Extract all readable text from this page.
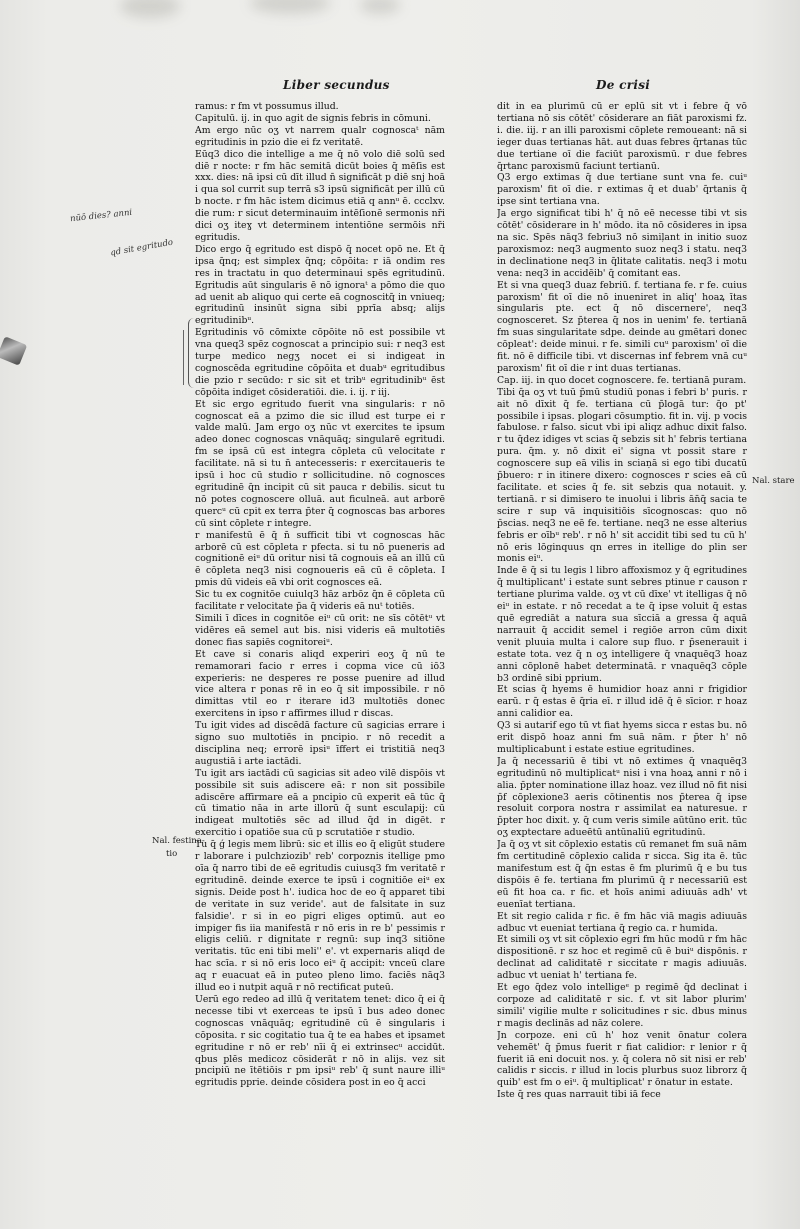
Liber secundus	De crisi
nūō dies? anni
qd sit egritudo
Nal. stare
Nal. festina-
tio

ramus: r fm vt possumus illud.

Capitulū. ij. in quo agit de signis febris in cōmuni.

Am ergo nūc oʒ vt narrem qualr cognoscaᵗ nām egritudinis in pzio die ei fz veritatē.

Eūq3 dico die intellige a me q̄ nō volo diē solū sed diē r nocte: r fm hāc semitā dicūt boies q̄ mēſis est xxx. dies: nā ipsi cū dīt illud n̄ significāt p diē snj hoā i qua sol currit sup terrā s3 ipsū significāt per illū cū b nocte. r fm hāc istem dicimus etiā q annᵘ ē. ccclxv. die rum: r sicut determinauim intēſionē sermonis nr̄i dici oʒ iteɣ vt determinem intentiōne sermōis nr̄i egritudis.

Dico ergo q̄ egritudo est dispō q̄ nocet opō ne. Et q̄ ipsa q̄nq; est simplex q̄nq; cōpōita: r iā ondim res res in tractatu in quo determinaui spēs egritudinū. Egritudis aūt singularis ē nō ignoraᵗ a pōmo die quo ad uenit ab aliquo qui certe eā cognoscitq̄ in vniueq; egritudinū insinūt signa sibi pprīa absq; alijs egritudinibᵘ.

Egritudinis vō cōmixte cōpōite nō est possibile vt vna queq3 spēz cognoscat a principio sui: r neq3 est turpe medico negʒ nocet ei si indigeat in cognoscēda egritudine cōpōita et duabᵘ egritudibus die pzio r secūdo: r sic sit et tribᵘ egritudinibᵘ ēst cōpōita indiget cōsideratiōi. die. i. ij. r iij.

Et sic ergo egritudo fuerit vna singularis: r nō cognoscat eā a pzimo die sic illud est turpe ei r valde malū. Jam ergo oʒ nūc vt exercites te ipsum adeo donec cognoscas vnāquāq; singularē egritudi. fm se ipsā cū est integra cōpleta cū velocitate r facilitate. nā si tu n̄ antecesseris: r exercitaueris te ipsū i hoc cū studio r sollicitudine. nō cognosces egritudinē q̄n incipit cū sit pauca r debilis. sicut tu nō potes cognoscere olluā. aut ficulneā. aut arborē quercᵘ cū cpit ex terra p̄ter q̄ cognoscas bas arbores cū sint cōplete r integre.

r manifestū ē q̄ n̄ sufficit tibi vt cognoscas hāc arborē cū est cōpleta r pfecta. si tu nō pueneris ad cognitionē eiᵘ dū oritur nisi tā cognouis eā an illū cū ē cōpleta neq3 nisi cognoueris eā cū ē cōpleta. I pmis dū videis eā vbi orit cognosces eā.

Sic tu ex cognitōe cuiulq3 hāz arbōz q̄n ē cōpleta cū facilitate r velocitate p̄a q̄ videris eā nuᵗ totiēs.

Simili ī dīces in cognitōe eiᵘ cū orit: ne sīs cōtētᵘ vt vidēres eā semel aut bis. nisi videris eā multotiēs donec fias sapiēs cognitoreiᵘ.

Et cave si conaris aliqd experiri eoʒ q̄ nū te remamorari facio r erres i copma vice cū iō3 experieris: ne desperes re posse puenire ad illud vice altera r ponas rē in eo q̄ sit impossibile. r nō dimittas vtil eo r iterare id3 multotiēs donec exercitens in ipso r affirmes illud r discas.

Tu igit vides ad discēdā facture cū sagicias errare i signo suo multotiēs in pncipio. r nō recedit a disciplina neq; errorē ipsiᵘ īffert ei tristitiā neq3 augustiā i arte iactādi.

Tu igit ars iactādi cū sagicias sit adeo vilē dispōis vt possibile sit suis adiscere eā: r non sit possibile adiscēre affirmare eā a pncipio cū experit eā tūc q̄ cū timatio nāa in arte illorū q̄ sunt esculapij: cū indigeat multotiēs sēc ad illud q̄d in digēt. r exercitio i opatiōe sua cū p scrutatiōe r studio.

Tu q̄ ǵ legis mem librū: sic et illis eo q̄ eligūt studere r laborare i pulchziozib' reb' corpoznis itellige pmo oīa q̄ narro tibi de eē egritudis cuiusq3 fm veritatē r egritudinē. deinde exerce te ipsū i cognitiōe eiᵘ ex signis. Deide post h'. iudica hoc de eo q̄ apparet tibi de veritate in suz veride'. aut de falsitate in suz falsidie'. r si in eo pigri eliges optimū. aut eo impiger fis iia manifestā r nō eris in re b' pessimis r eligis celiū. r dignitate r regnū: sup inq3 sitiōne veritatis. tūc eni tibi meli'' e'. vt expernaris aliqd de hac scīa. r si nō eris loco eiᵘ q̄ accipit: vnceū clare aq r euacuat eā in puteo pleno limo. faciēs nāq3 illud eo i nutpit aquā r nō rectificat puteū.

Uerū ego redeo ad illū q̄ veritatem tenet: dico q̄ ei q̄ necesse tibi vt exerceas te ipsū ī bus adeo donec cognoscas vnāquāq; egritudinē cū ē singularis i cōposita. r sic cogitatio tua q̄ te ea habes et ipsamet egritudine r nō er reb' nīi q̄ ei extrinsecᵘ accidūt. qbus plēs medicoz cōsiderāt r nō in alijs. vez sit pncipiū ne ītētiōis r pm ipsiᵘ reb' q̄ sunt naure illiᵘ egritudis pprie. deinde cōsidera post in eo q̄ acci

dit in ea plurimū cū er eplū sit vt i febre q̄ vō tertiana nō sis cōtēt' cōsiderare an fiāt paroxismi fz. i. die. iij. r an illi paroxismi cōplete remoueant: nā si ieger duas tertianas hāt. aut duas febres q̄rtanas tūc due tertiane oī die faciūt paroxismū. r due febres q̄rtanc paroxismū faciunt tertianū.

Q3 ergo extimas q̄ due tertiane sunt vna fe. cuiᵘ paroxism' fit oī die. r extimas q̄ et duab' q̄rtanis q̄ ipse sint tertiana vna.

Ja ergo significat tibi h' q̄ nō eē necesse tibi vt sis cōtēt' cōsiderare in h' mōdo. ita nō cōsideres in ipsa na sic. Spēs nāq3 febriu3 nō simiļant in initio suoz paroxismoz: neq3 augmento suoz neq3 i statu. neq3 in declinatione neq3 in q̄litate calitatis. neq3 i motu vena: neq3 in accidēib' q̄ comitant eas.

Et si vna queq3 duaz febriū. f. tertiana fe. r fe. cuius paroxism' fit oī die nō inueniret in aliq' hoaꝝ ītas singularis pte. ect q̄ nō discernere', neq3 cognosceret. Sz p̄terea q̄ nos in uenim' fe. tertianā fm suas singularitate sdpe. deinde au gmētari donec cōpleat': deide minui. r fe. simili cuᵘ paroxism' oī die fit. nō ē difficile tibi. vt discernas inf febrem vnā cuᵘ paroxism' fit oī die r int duas tertianas.

Cap. iij. in quo docet cognoscere. fe. tertianā puram.

Tibi q̄a oʒ vt tuū p̄mū studiū ponas i febri b' puris. r ait nō dīxit q̄ fe. tertiana cū p̄logā tur: q̄o pt' possibile i ipsas. plogari cōsumptio. fit in. vij. p vocis fabulose. r falso. sicut vbi ipi aliqz adhuc dixit falso. r tu q̄dez idiges vt scias q̄ sebzis sit h' febris tertiana pura. q̄m. y. nō dixit ei' signa vt possit stare r cognoscere sup eā vilis in sciaṇā si ego tibi ducatū p̄buero: r in itinere dixero: cognosces r scies eā cū facilitate. et scies q̄ fe. sit sebzis qua notauit. y. tertianā. r si dimisero te inuolui i libris ān̄q̄ sacia te scire r sup vā inquisitiōis sīcognoscas: quo nō p̄scias. neq3 ne eē fe. tertiane. neq3 ne esse alterius febris er oībᵘ reb'. r nō h' sit accidit tibi sed tu cū h' nō eris lōginquus qn erres in itellige do plin ser monis eiᵘ.

Inde ē q̄ si tu legis l libro affoxismoz y q̄ egritudines q̄ multiplicant' i estate sunt sebres ptinue r causon r tertiane plurima valde. oʒ vt cū dīxe' vt itelligas q̄ nō eiᵘ in estate. r nō recedat a te q̄ ipse voluit q̄ estas quē egrediāt a natura sua sīcciā a gressa q̄ aquā narrauit q̄ accidit semel i regiōe arron cūm dixit venit pluuia multa i calore sup fluo. r p̄senerauit i estate tota. vez q̄ n oʒ intelligere q̄ vnaquēq3 hoaz anni cōplonē habet determinatā. r vnaquēq3 cōple b3 ordinē sibi pprium.

Et scias q̄ hyems ē humidior hoaz anni r frigidior earū. r q̄ estas ē q̄ria eī. r illud idē q̄ ē sīcior. r hoaz anni calidior ea.

Q3 si autarif ego tū vt fiat hyems sicca r estas bu. nō erit dispō hoaz anni fm suā nām. r p̄ter h' nō multiplicabunt i estate estiue egritudines.

Ja q̄ necessariū ē tibi vt nō extimes q̄ vnaquēq3 egritudinū nō multiplicatᵘ nisi i vna hoaꝝ anni r nō i alia. p̄pter nominatione illaz hoaz. vez illud nō fit nisi p̄f cōplexione3 aeris cōtinentis nos p̄terea q̄ ipse resoluit corpora nostra r assimilat ea naturesue. r p̄pter hoc dixit. y. q̄ cum veris simile aūtūno erit. tūc oʒ exptectare adueētū antūnaliū egritudinū.

Ja q̄ oʒ vt sit cōplexio estatis cū remanet fm suā nām fm certitudinē cōplexio calida r sicca. Sig ita ē. tūc manifestum est q̄ q̄n estas ē fm plurimū q̄ e bu tus dispōis ē fe. tertiana fm plurimū q̄ r necessariū est eū fit hoa ca. r fic. et hoīs animi adiuuās adh' vt euenīat tertiana.

Et sit regio calida r fic. ē fm hāc viā magis adiuuās adbuc vt eueniat tertiana q̄ regio ca. r humida.

Et simili oʒ vt sit cōplexio egri fm hūc modū r fm hāc dispositionē. r sz hoc et regimē cū ē buiᵘ dispōnis. r declinat ad caliditatē r siccitate r magis adiuuās. adbuc vt ueniat h' tertiana fe.

Et ego q̄dez volo intelligeᵉ p regimē q̄d declinat i corpoze ad caliditatē r sic. f. vt sit labor plurim' simili' vigilie multe r solicitudines r sic. dbus minus r magis declinās ad nāz colere.

Jn corpoze. eni cū h' hoz venit ōnatur colera vehemēt' q̄ p̄mus fuerit r fiat calidior: r lenior r q̄ fuerit iā eni docuit nos. y. q̄ colera nō sit nisi er reb' calidis r siccis. r illud in locis plurbus suoz librorz q̄ quib' est fm o eiᵘ. q̄ multiplicat' r ōnatur in estate.

Iste q̄ res quas narrauit tibi iā fece
